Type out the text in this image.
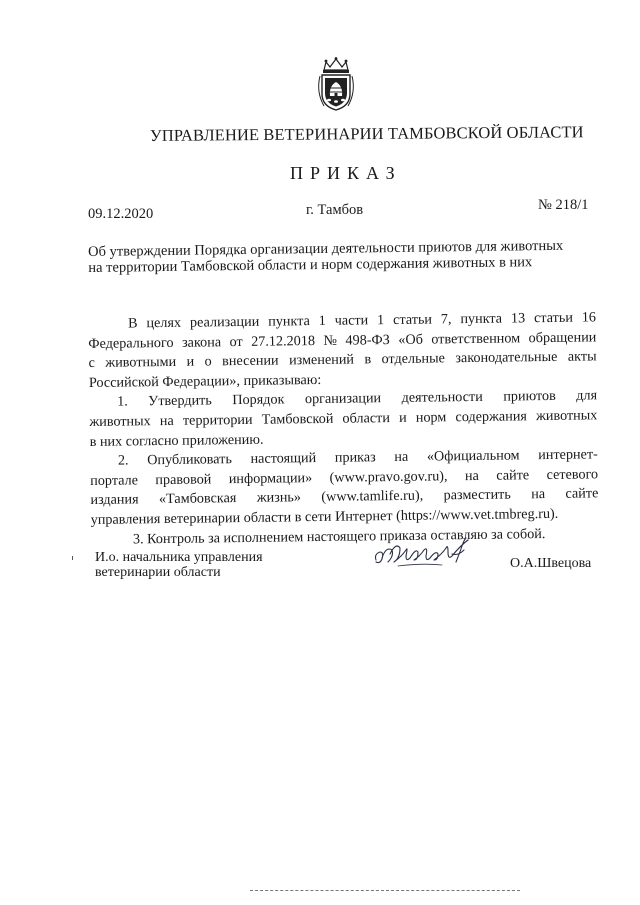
УПРАВЛЕНИЕ ВЕТЕРИНАРИИ ТАМБОВСКОЙ ОБЛАСТИ
ПРИКАЗ
09.12.2020	г. Тамбов	№ 218/1
Об утверждении Порядка организации деятельности приютов для животных
на территории Тамбовской области и норм содержания животных в них
В целях реализации пункта 1 части 1 статьи 7, пункта 13 статьи 16
Федерального закона от 27.12.2018 № 498-ФЗ «Об ответственном обращении
с животными и о внесении изменений в отдельные законодательные акты
Российской Федерации», приказываю:
1. Утвердить Порядок организации деятельности приютов для
животных на территории Тамбовской области и норм содержания животных
в них согласно приложению.
2. Опубликовать настоящий приказ на «Официальном интернет-
портале правовой информации» (www.pravo.gov.ru), на сайте сетевого
издания «Тамбовская жизнь» (www.tamlife.ru), разместить на сайте
управления ветеринарии области в сети Интернет (https://www.vet.tmbreg.ru).
3. Контроль за исполнением настоящего приказа оставляю за собой.
И.о. начальника управления
ветеринарии области
О.А.Швецова
